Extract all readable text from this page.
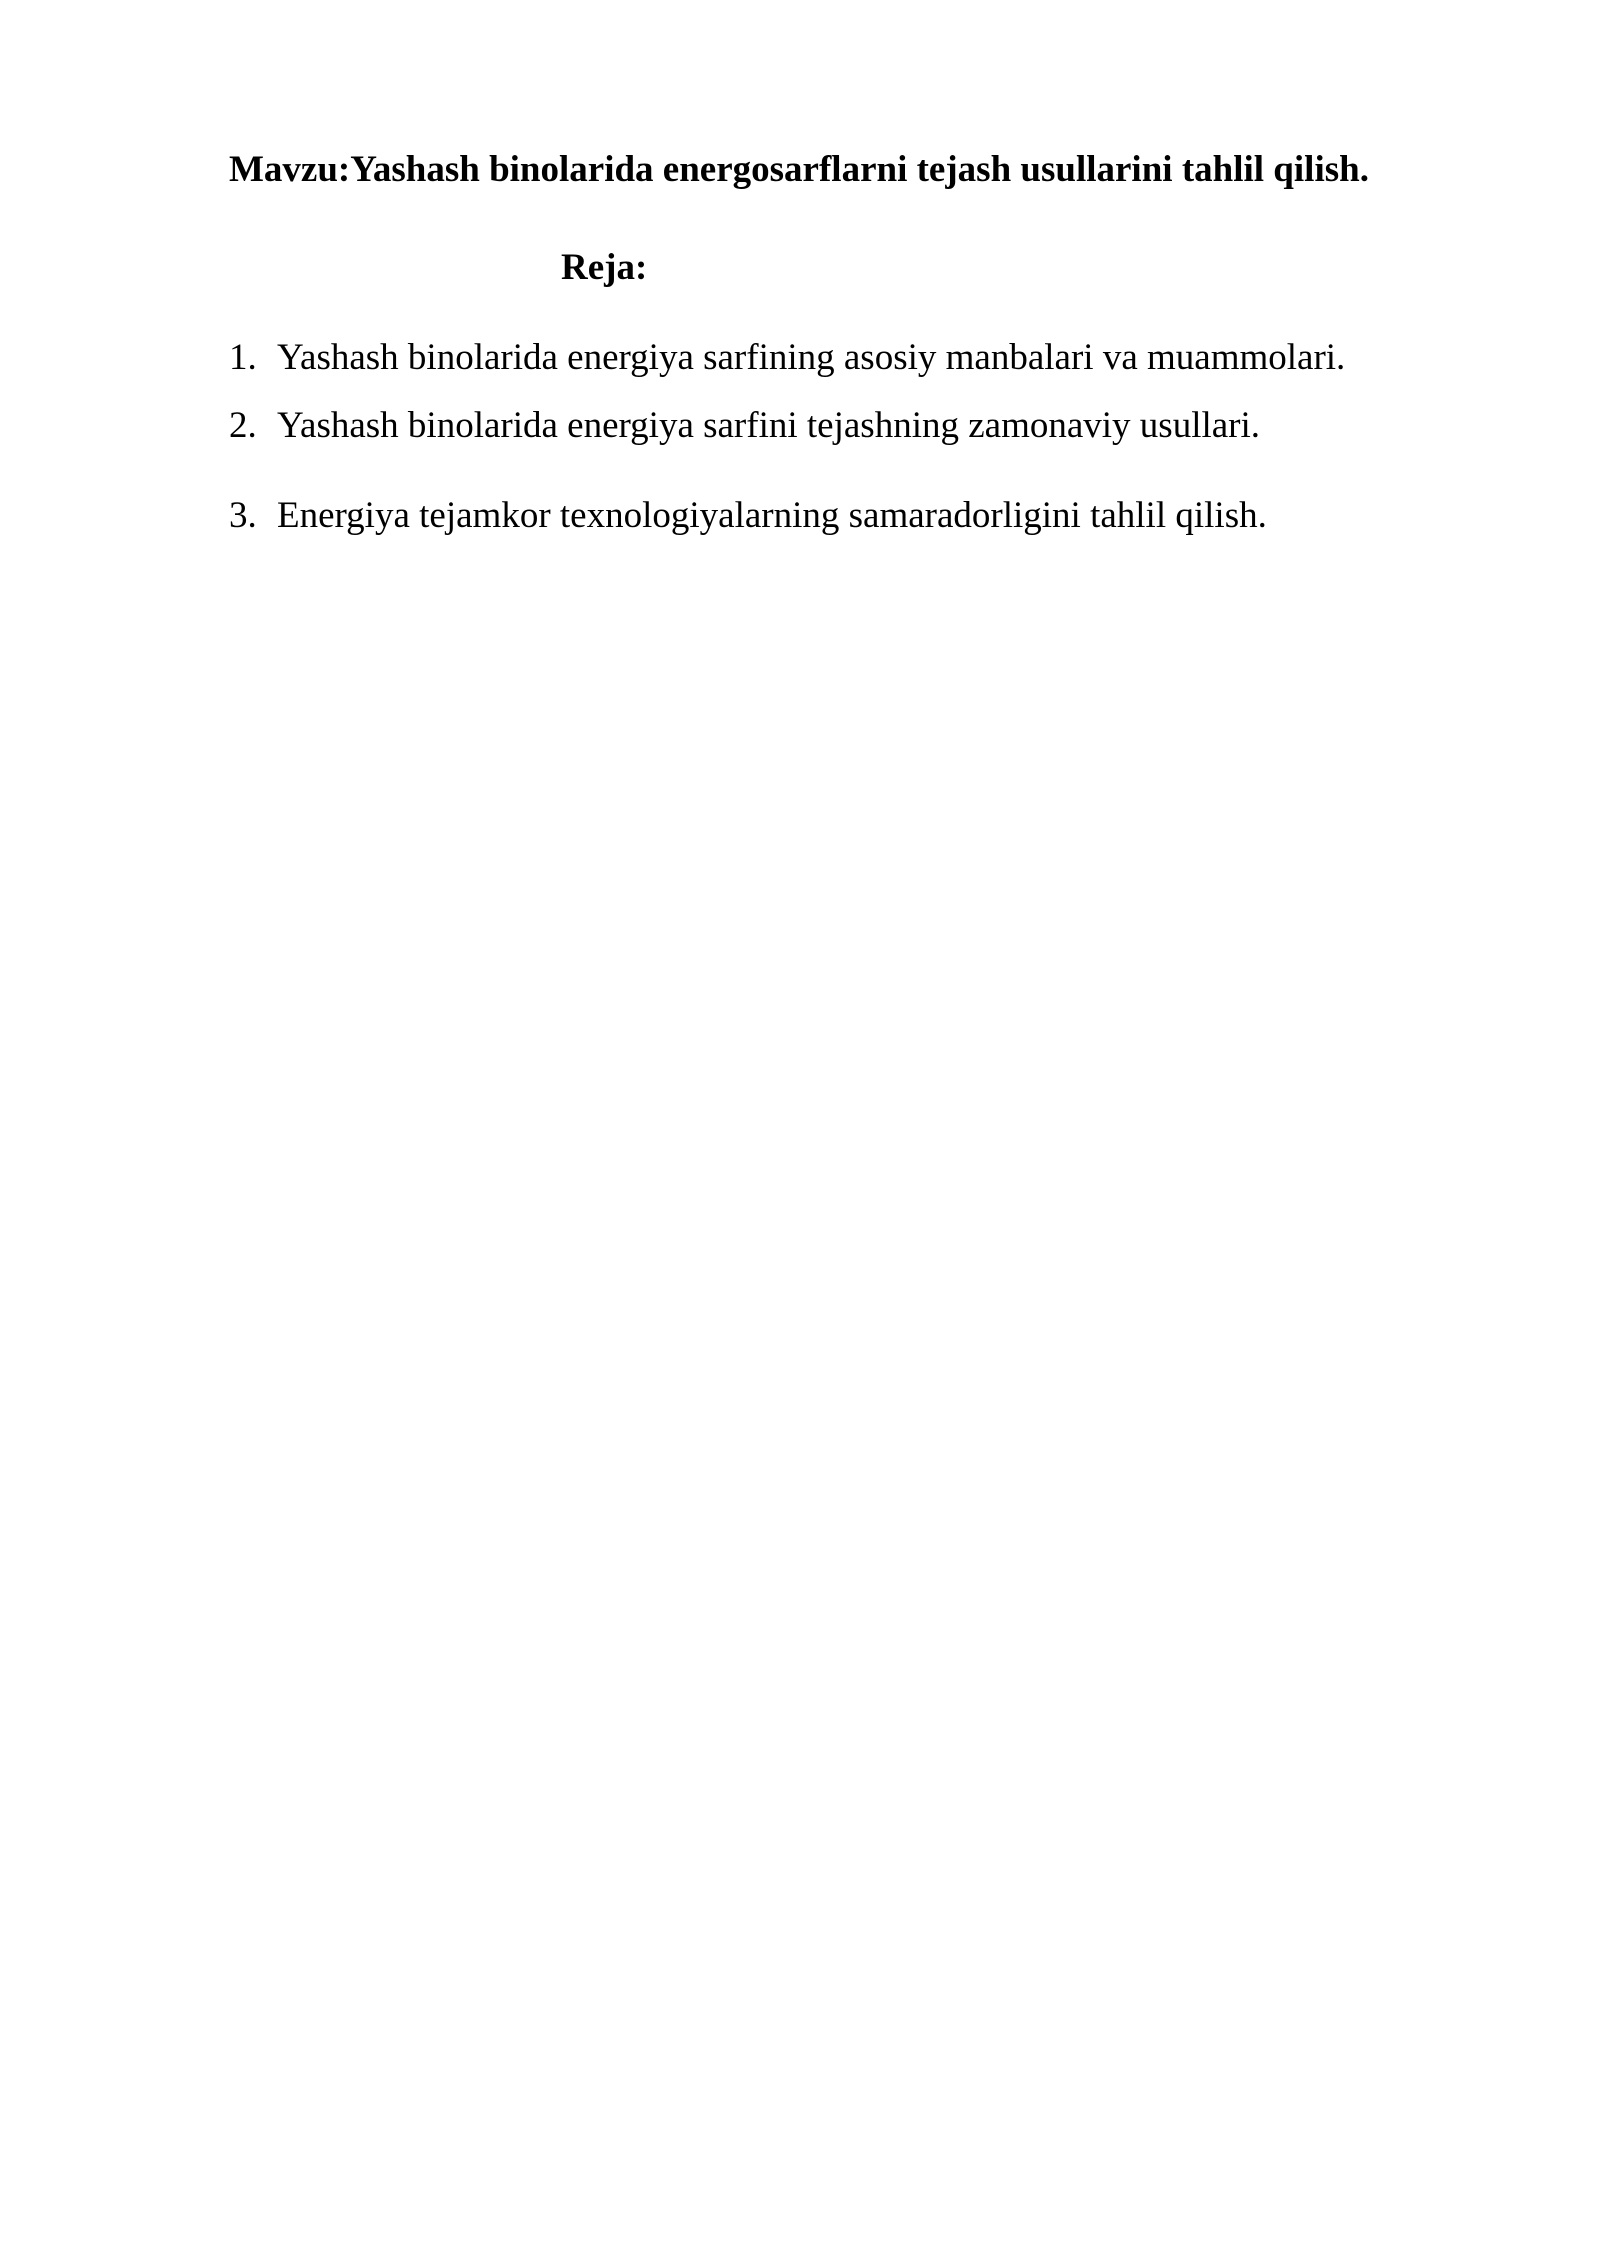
Mavzu:Yashash binolarida energosarflarni tejash usullarini tahlil qilish.
Reja:
1. Yashash binolarida energiya sarfining asosiy manbalari va muammolari.
2. Yashash binolarida energiya sarfini tejashning zamonaviy usullari.
3. Energiya tejamkor texnologiyalarning samaradorligini tahlil qilish.
